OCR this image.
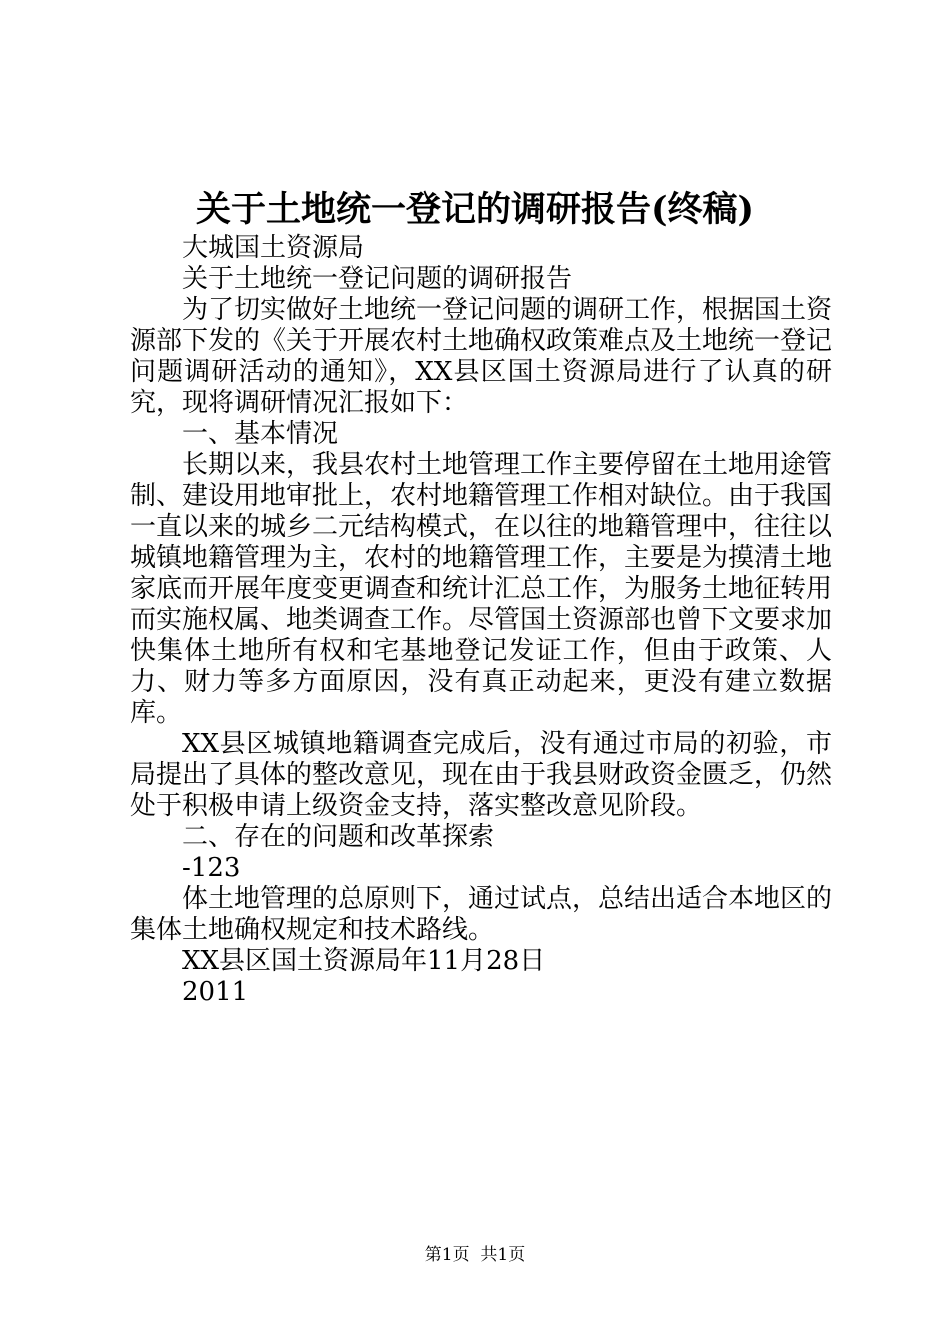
关于土地统一登记的调研报告(终稿)

大城国土资源局

关于土地统一登记问题的调研报告

为了切实做好土地统一登记问题的调研工作，根据国土资源部下发的《关于开展农村土地确权政策难点及土地统一登记问题调研活动的通知》，XX县区国土资源局进行了认真的研究，现将调研情况汇报如下：

一、基本情况

长期以来，我县农村土地管理工作主要停留在土地用途管制、建设用地审批上，农村地籍管理工作相对缺位。由于我国一直以来的城乡二元结构模式，在以往的地籍管理中，往往以城镇地籍管理为主，农村的地籍管理工作，主要是为摸清土地家底而开展年度变更调查和统计汇总工作，为服务土地征转用而实施权属、地类调查工作。尽管国土资源部也曾下文要求加快集体土地所有权和宅基地登记发证工作，但由于政策、人力、财力等多方面原因，没有真正动起来，更没有建立数据库。

XX县区城镇地籍调查完成后，没有通过市局的初验，市局提出了具体的整改意见，现在由于我县财政资金匮乏，仍然处于积极申请上级资金支持，落实整改意见阶段。

二、存在的问题和改革探索

-123

体土地管理的总原则下，通过试点，总结出适合本地区的集体土地确权规定和技术路线。

XX县区国土资源局年11月28日

2011

第1页  共1页
